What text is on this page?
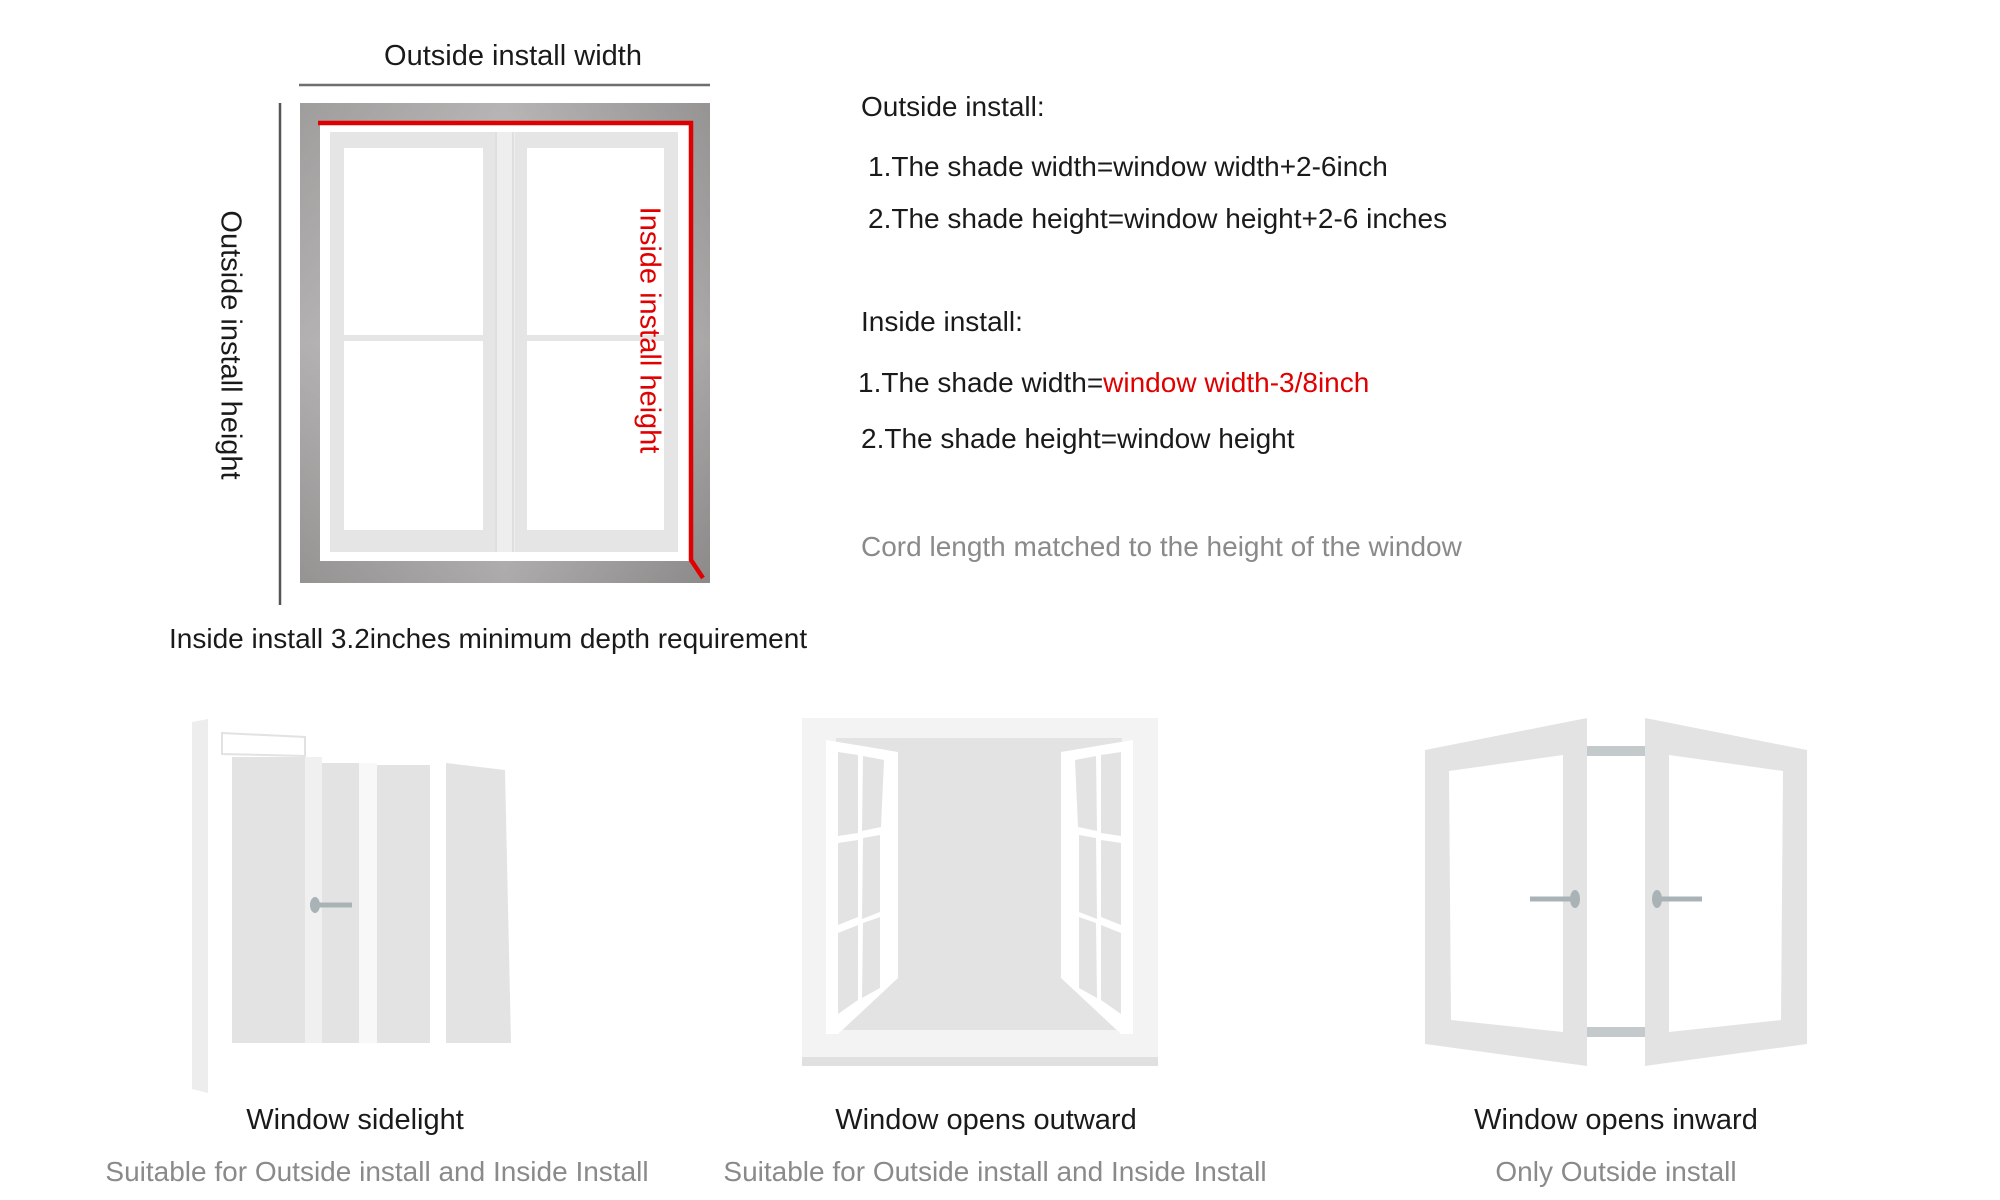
Outside install width
Outside install height	Inside install height
Inside install 3.2inches minimum depth requirement
Outside install:
1.The shade width=window width+2-6inch
2.The shade height=window height+2-6 inches
Inside install:
1.The shade width=window width-3/8inch
2.The shade height=window height
Cord length matched to the height of the window
Window sidelight
Suitable for Outside install and Inside Install
Window opens outward
Suitable for Outside install and Inside Install
Window opens inward
Only Outside install
